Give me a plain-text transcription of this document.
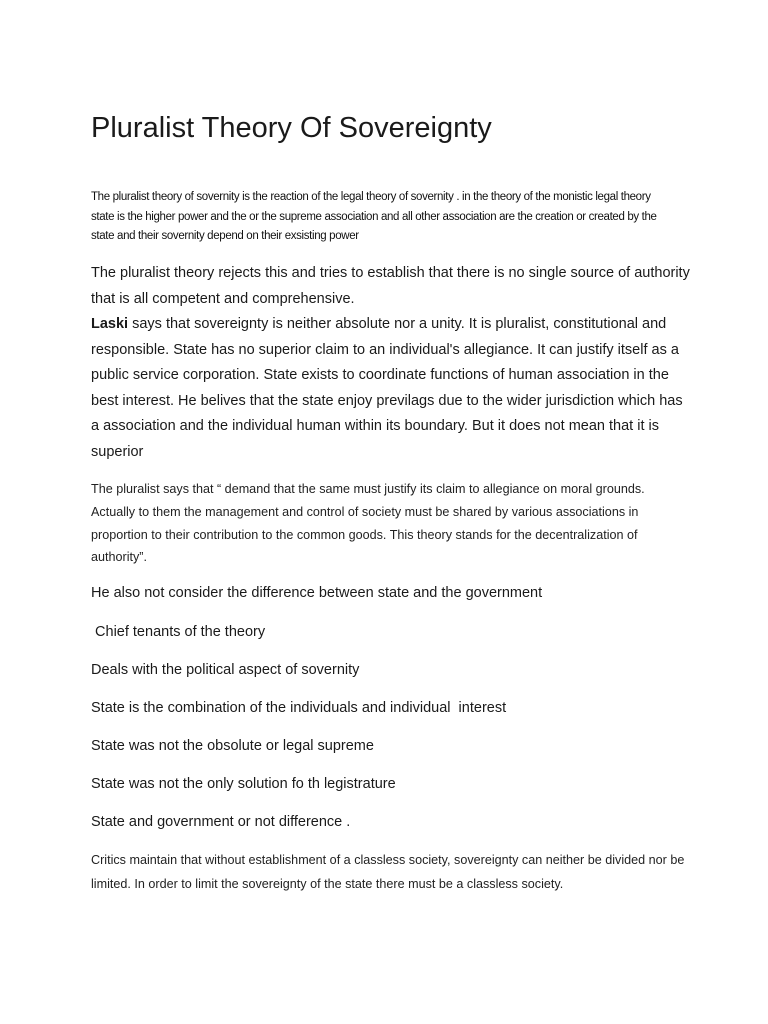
Pluralist Theory Of Sovereignty

The pluralist theory of sovernity is the reaction of the legal theory of sovernity . in the theory of the monistic legal theory state is the higher power and the or the supreme association and all other association are the creation or created by the state and their sovernity depend on their exsisting power

The pluralist theory rejects this and tries to establish that there is no single source of authority that is all competent and comprehensive.

Laski says that sovereignty is neither absolute nor a unity. It is pluralist, constitutional and responsible. State has no superior claim to an individual's allegiance. It can justify itself as a public service corporation. State exists to coordinate functions of human association in the best interest. He belives that the state enjoy previlags due to the wider jurisdiction which has a association and the individual human within its boundary. But it does not mean that it is superior

The pluralist says that “ demand that the same must justify its claim to allegiance on moral grounds. Actually to them the management and control of society must be shared by various associations in proportion to their contribution to the common goods. This theory stands for the decentralization of authority”.

He also not consider the difference between state and the government

Chief tenants of the theory

Deals with the political aspect of sovernity

State is the combination of the individuals and individual  interest

State was not the obsolute or legal supreme

State was not the only solution fo th legistrature

State and government or not difference .

Critics maintain that without establishment of a classless society, sovereignty can neither be divided nor be limited. In order to limit the sovereignty of the state there must be a classless society.
